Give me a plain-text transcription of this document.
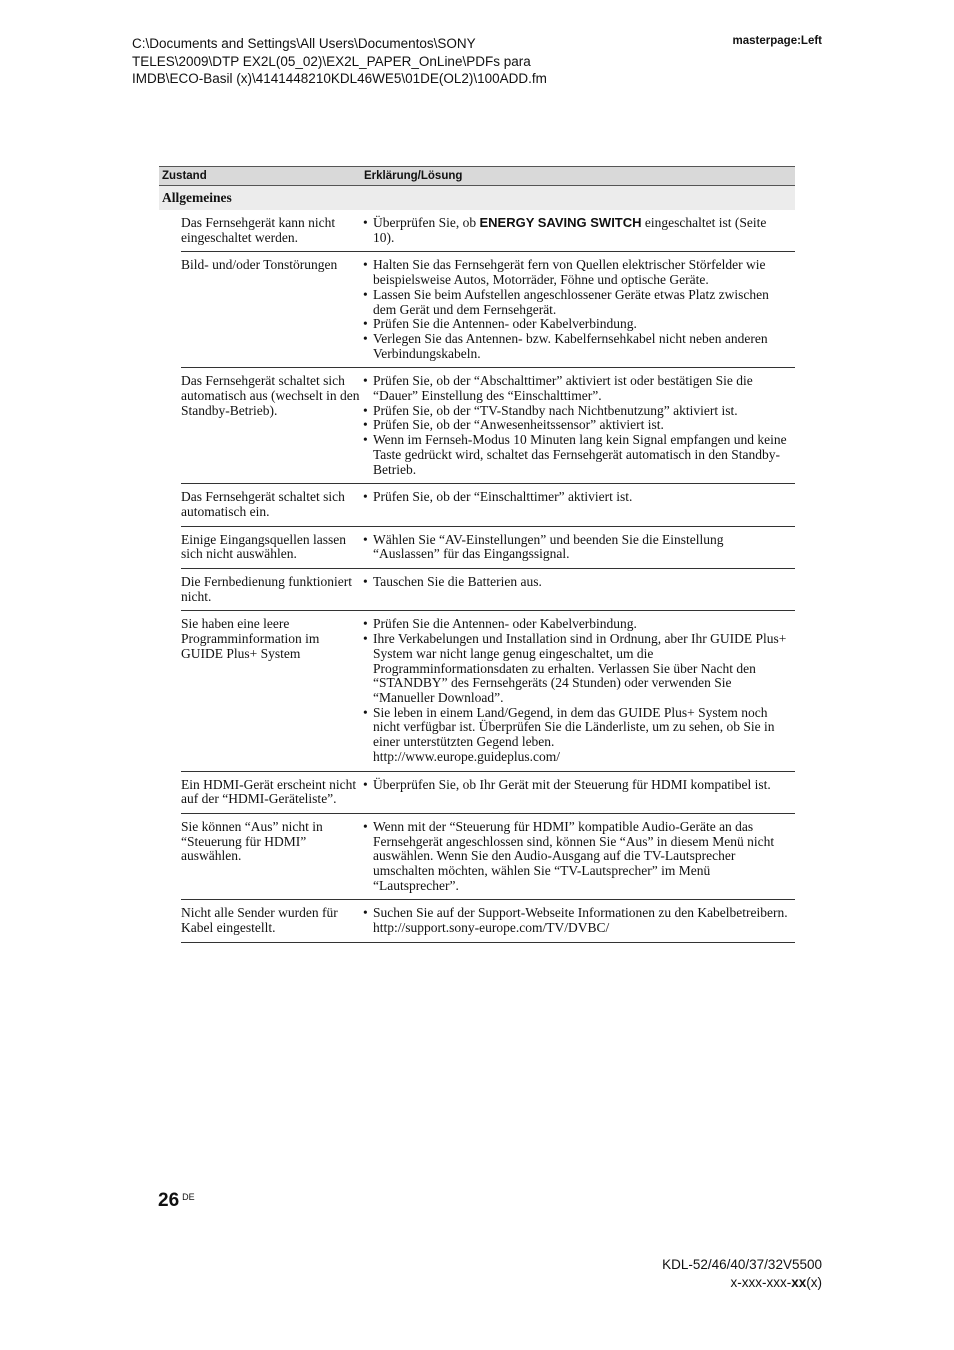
C:\Documents and Settings\All Users\Documentos\SONY
TELES\2009\DTP EX2L(05_02)\EX2L_PAPER_OnLine\PDFs para
IMDB\ECO-Basil (x)\4141448210KDL46WE5\01DE(OL2)\100ADD.fm
masterpage:Left
Zustand	Erklärung/Lösung
Allgemeines
Das Fernsehgerät kann nicht eingeschaltet werden.
• Überprüfen Sie, ob ENERGY SAVING SWITCH eingeschaltet ist (Seite 10).
Bild- und/oder Tonstörungen
•	Halten Sie das Fernsehgerät fern von Quellen elektrischer Störfelder wie beispielsweise Autos, Motorräder, Föhne und optische Geräte.
• Lassen Sie beim Aufstellen angeschlossener Geräte etwas Platz zwischen dem Gerät und dem Fernsehgerät.
• Prüfen Sie die Antennen- oder Kabelverbindung.
• Verlegen Sie das Antennen- bzw. Kabelfernsehkabel nicht neben anderen Verbindungskabeln.
Das Fernsehgerät schaltet sich automatisch aus (wechselt in den Standby-Betrieb).
• Prüfen Sie, ob der “Abschalttimer” aktiviert ist oder bestätigen Sie die “Dauer” Einstellung des “Einschalttimer”.
• Prüfen Sie, ob der “TV-Standby nach Nichtbenutzung” aktiviert ist.
• Prüfen Sie, ob der “Anwesenheitssensor” aktiviert ist.
• Wenn im Fernseh-Modus 10 Minuten lang kein Signal empfangen und keine Taste gedrückt wird, schaltet das Fernsehgerät automatisch in den Standby-Betrieb.
Das Fernsehgerät schaltet sich automatisch ein.
• Prüfen Sie, ob der “Einschalttimer” aktiviert ist.
Einige Eingangsquellen lassen sich nicht auswählen.
• Wählen Sie “AV-Einstellungen” und beenden Sie die Einstellung “Auslassen” für das Eingangssignal.
Die Fernbedienung funktioniert nicht.
• Tauschen Sie die Batterien aus.
Sie haben eine leere Programminformation im GUIDE Plus+ System
• Prüfen Sie die Antennen- oder Kabelverbindung.
• Ihre Verkabelungen und Installation sind in Ordnung, aber Ihr GUIDE Plus+ System war nicht lange genug eingeschaltet, um die Programminformationsdaten zu erhalten. Verlassen Sie über Nacht den “STANDBY” des Fernsehgeräts (24 Stunden) oder verwenden Sie “Manueller Download”.
• Sie leben in einem Land/Gegend, in dem das GUIDE Plus+ System noch nicht verfügbar ist. Überprüfen Sie die Länderliste, um zu sehen, ob Sie in einer unterstützten Gegend leben.
http://www.europe.guideplus.com/
Ein HDMI-Gerät erscheint nicht auf der “HDMI-Geräteliste”.
• Überprüfen Sie, ob Ihr Gerät mit der Steuerung für HDMI kompatibel ist.
Sie können “Aus” nicht in “Steuerung für HDMI” auswählen.
• Wenn mit der “Steuerung für HDMI” kompatible Audio-Geräte an das Fernsehgerät angeschlossen sind, können Sie “Aus” in diesem Menü nicht auswählen. Wenn Sie den Audio-Ausgang auf die TV-Lautsprecher umschalten möchten, wählen Sie “TV-Lautsprecher” im Menü “Lautsprecher”.
Nicht alle Sender wurden für Kabel eingestellt.
• Suchen Sie auf der Support-Webseite Informationen zu den Kabelbetreibern.
http://support.sony-europe.com/TV/DVBC/
26 $^{DE}$
KDL-52/46/40/37/32V5500
x-xxx-xxx-xx(x)
